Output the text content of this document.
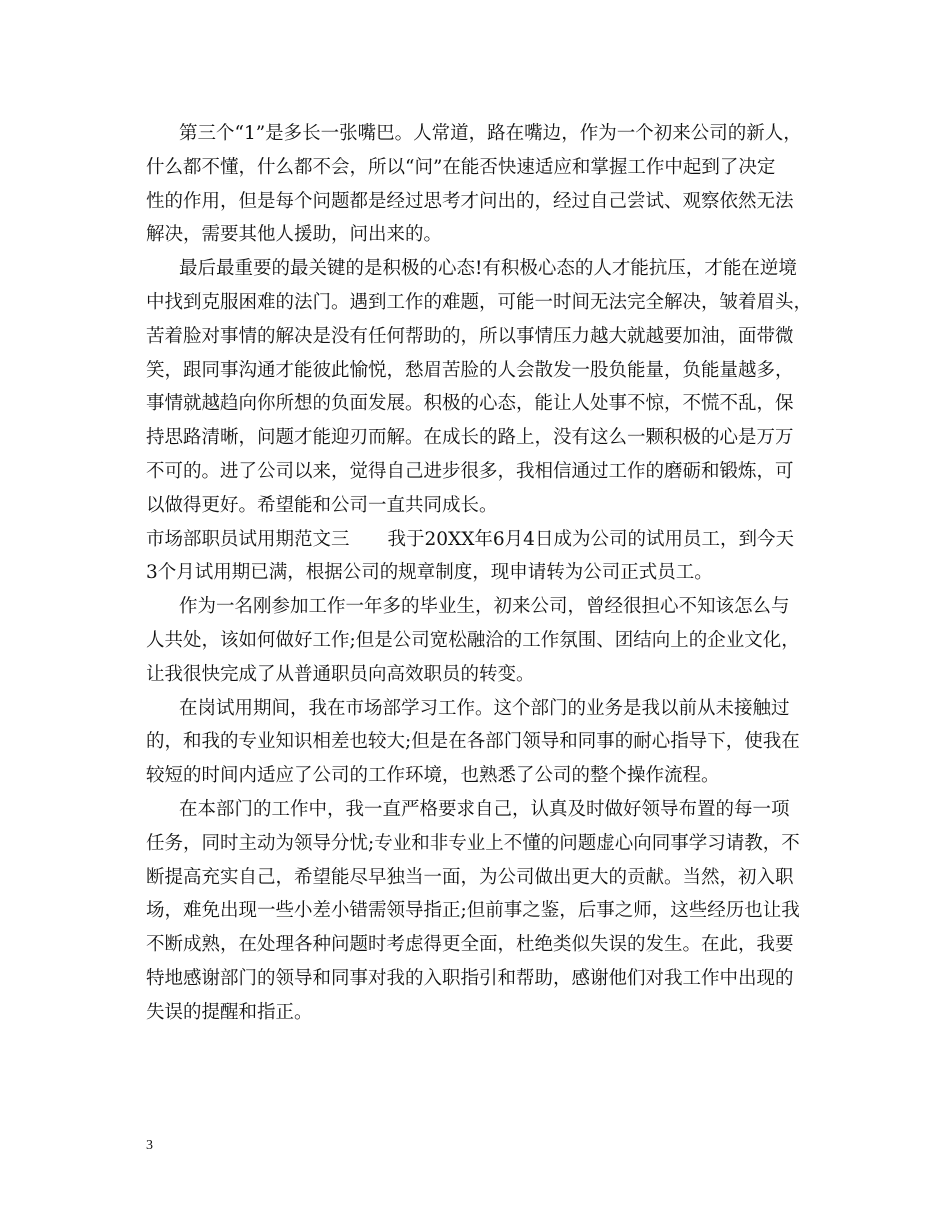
第三个“1”是多长一张嘴巴。人常道，路在嘴边，作为一个初来公司的新人，
什么都不懂，什么都不会，所以“问”在能否快速适应和掌握工作中起到了决定
性的作用，但是每个问题都是经过思考才问出的，经过自己尝试、观察依然无法
解决，需要其他人援助，问出来的。
最后最重要的最关键的是积极的心态!有积极心态的人才能抗压，才能在逆境
中找到克服困难的法门。遇到工作的难题，可能一时间无法完全解决，皱着眉头，
苦着脸对事情的解决是没有任何帮助的，所以事情压力越大就越要加油，面带微
笑，跟同事沟通才能彼此愉悦，愁眉苦脸的人会散发一股负能量，负能量越多，
事情就越趋向你所想的负面发展。积极的心态，能让人处事不惊，不慌不乱，保
持思路清晰，问题才能迎刃而解。在成长的路上，没有这么一颗积极的心是万万
不可的。进了公司以来，觉得自己进步很多，我相信通过工作的磨砺和锻炼，可
以做得更好。希望能和公司一直共同成长。
市场部职员试用期范文三 我于20XX年6月4日成为公司的试用员工，到今天
3个月试用期已满，根据公司的规章制度，现申请转为公司正式员工。
作为一名刚参加工作一年多的毕业生，初来公司，曾经很担心不知该怎么与
人共处，该如何做好工作;但是公司宽松融洽的工作氛围、团结向上的企业文化，
让我很快完成了从普通职员向高效职员的转变。
在岗试用期间，我在市场部学习工作。这个部门的业务是我以前从未接触过
的，和我的专业知识相差也较大;但是在各部门领导和同事的耐心指导下，使我在
较短的时间内适应了公司的工作环境，也熟悉了公司的整个操作流程。
在本部门的工作中，我一直严格要求自己，认真及时做好领导布置的每一项
任务，同时主动为领导分忧;专业和非专业上不懂的问题虚心向同事学习请教，不
断提高充实自己，希望能尽早独当一面，为公司做出更大的贡献。当然，初入职
场，难免出现一些小差小错需领导指正;但前事之鉴，后事之师，这些经历也让我
不断成熟，在处理各种问题时考虑得更全面，杜绝类似失误的发生。在此，我要
特地感谢部门的领导和同事对我的入职指引和帮助，感谢他们对我工作中出现的
失误的提醒和指正。
3
